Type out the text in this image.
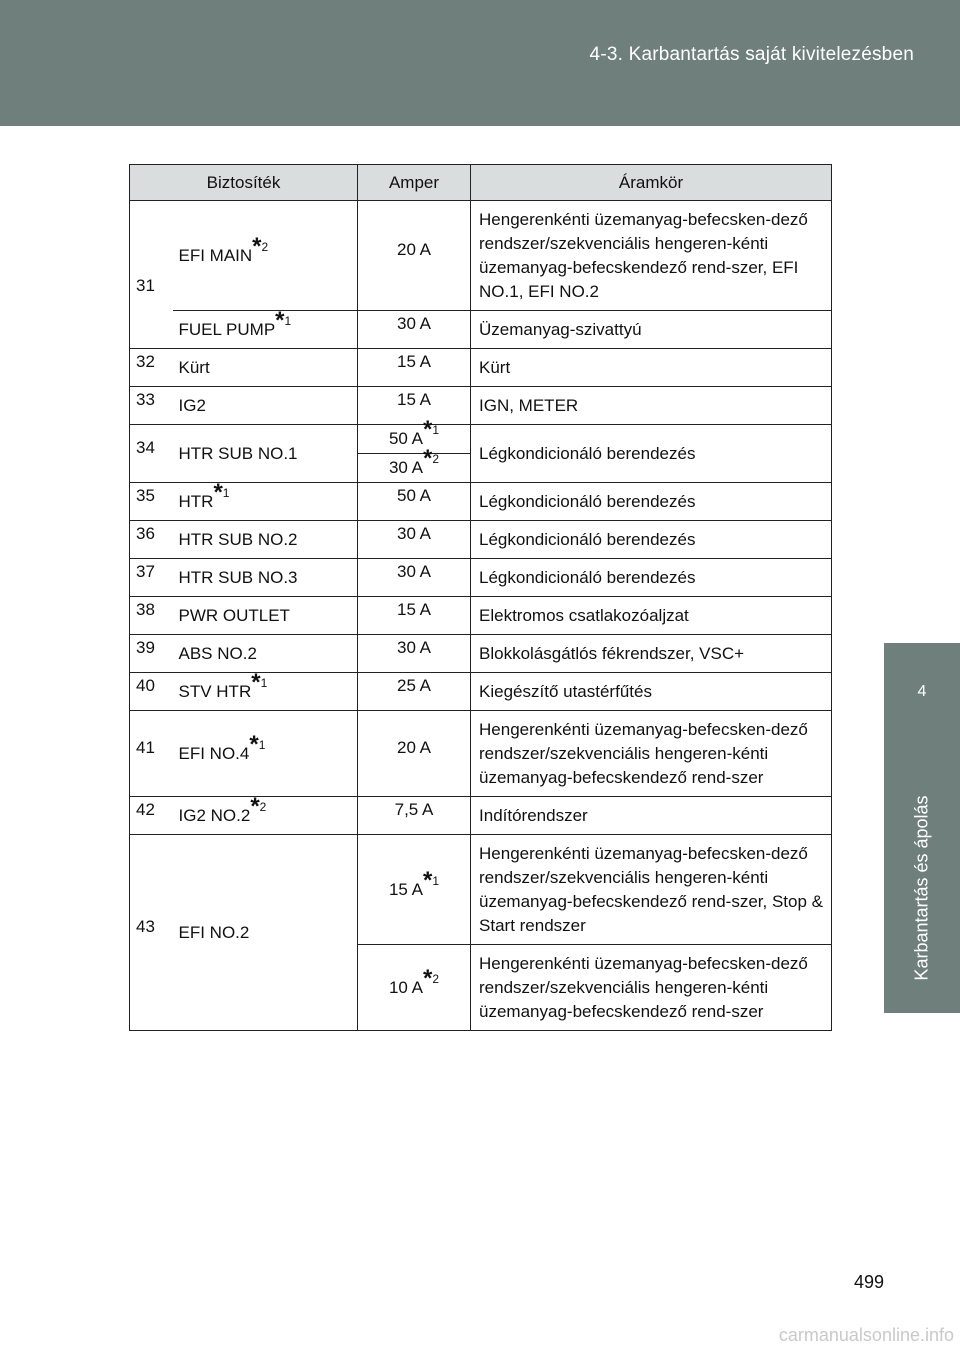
4-3. Karbantartás saját kivitelezésben
4
Karbantartás és ápolás
Biztosíték		Amper	Áramkör
31	EFI MAIN$^{*2}$	20 A	Hengerenkénti üzemanyag-befecsken-dező rendszer/szekvenciális hengeren-kénti üzemanyag-befecskendező rend-szer, EFI NO.1, EFI NO.2
	FUEL PUMP$^{*1}$	30 A	Üzemanyag-szivattyú
32	Kürt	15 A	Kürt
33	IG2	15 A	IGN, METER
34	HTR SUB NO.1	50 A$^{*1}$	Légkondicionáló berendezés
		30 A$^{*2}$
35	HTR$^{*1}$	50 A	Légkondicionáló berendezés
36	HTR SUB NO.2	30 A	Légkondicionáló berendezés
37	HTR SUB NO.3	30 A	Légkondicionáló berendezés
38	PWR OUTLET	15 A	Elektromos csatlakozóaljzat
39	ABS NO.2	30 A	Blokkolásgátlós fékrendszer, VSC+
40	STV HTR$^{*1}$	25 A	Kiegészítő utastérfűtés
41	EFI NO.4$^{*1}$	20 A	Hengerenkénti üzemanyag-befecsken-dező rendszer/szekvenciális hengeren-kénti üzemanyag-befecskendező rend-szer
42	IG2 NO.2$^{*2}$	7,5 A	Indítórendszer
43	EFI NO.2	15 A$^{*1}$	Hengerenkénti üzemanyag-befecsken-dező rendszer/szekvenciális hengeren-kénti üzemanyag-befecskendező rend-szer, Stop & Start rendszer
		10 A$^{*2}$	Hengerenkénti üzemanyag-befecsken-dező rendszer/szekvenciális hengeren-kénti üzemanyag-befecskendező rend-szer
499
carmanualsonline.info
